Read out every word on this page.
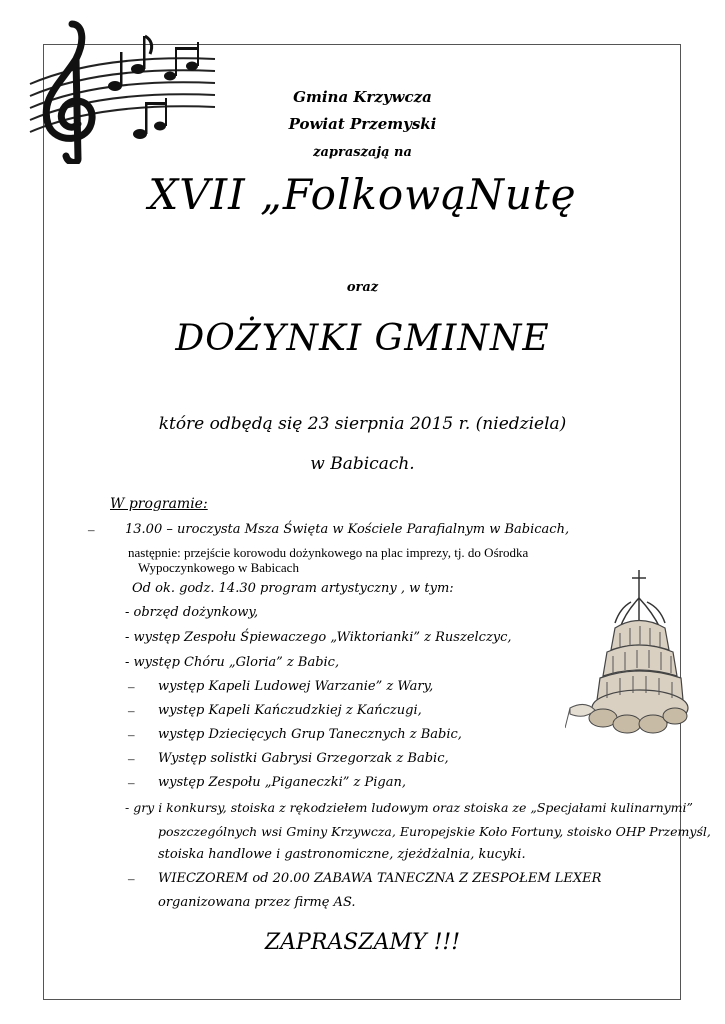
Gmina Krzywcza
Powiat Przemyski
zapraszają na
XVII „FolkowąNutę
oraz
DOŻYNKI GMINNE
które odbędą się 23 sierpnia 2015 r. (niedziela)
w Babicach.
W programie:
– 13.00 – uroczysta Msza Święta w Kościele Parafialnym w Babicach,
następnie: przejście korowodu dożynkowego na plac imprezy, tj. do Ośrodka
Wypoczynkowego w Babicach
Od ok. godz. 14.30 program artystyczny , w tym:
- obrzęd dożynkowy,
- występ Zespołu Śpiewaczego „Wiktorianki” z Ruszelczyc,
- występ Chóru „Gloria” z Babic,
– występ Kapeli Ludowej Warzanie” z Wary,
– występ Kapeli Kańczudzkiej z Kańczugi,
– występ Dziecięcych Grup Tanecznych z Babic,
– Występ solistki Gabrysi Grzegorzak z Babic,
– występ Zespołu „Piganeczki” z Pigan,
- gry i konkursy, stoiska z rękodziełem ludowym oraz stoiska ze „Specjałami kulinarnymi”
poszczególnych wsi Gminy Krzywcza, Europejskie Koło Fortuny, stoisko OHP Przemyśl,
stoiska handlowe i gastronomiczne, zjeżdżalnia, kucyki.
– WIECZOREM od 20.00 ZABAWA TANECZNA Z ZESPOŁEM LEXER
organizowana przez firmę AS.
ZAPRASZAMY !!!
